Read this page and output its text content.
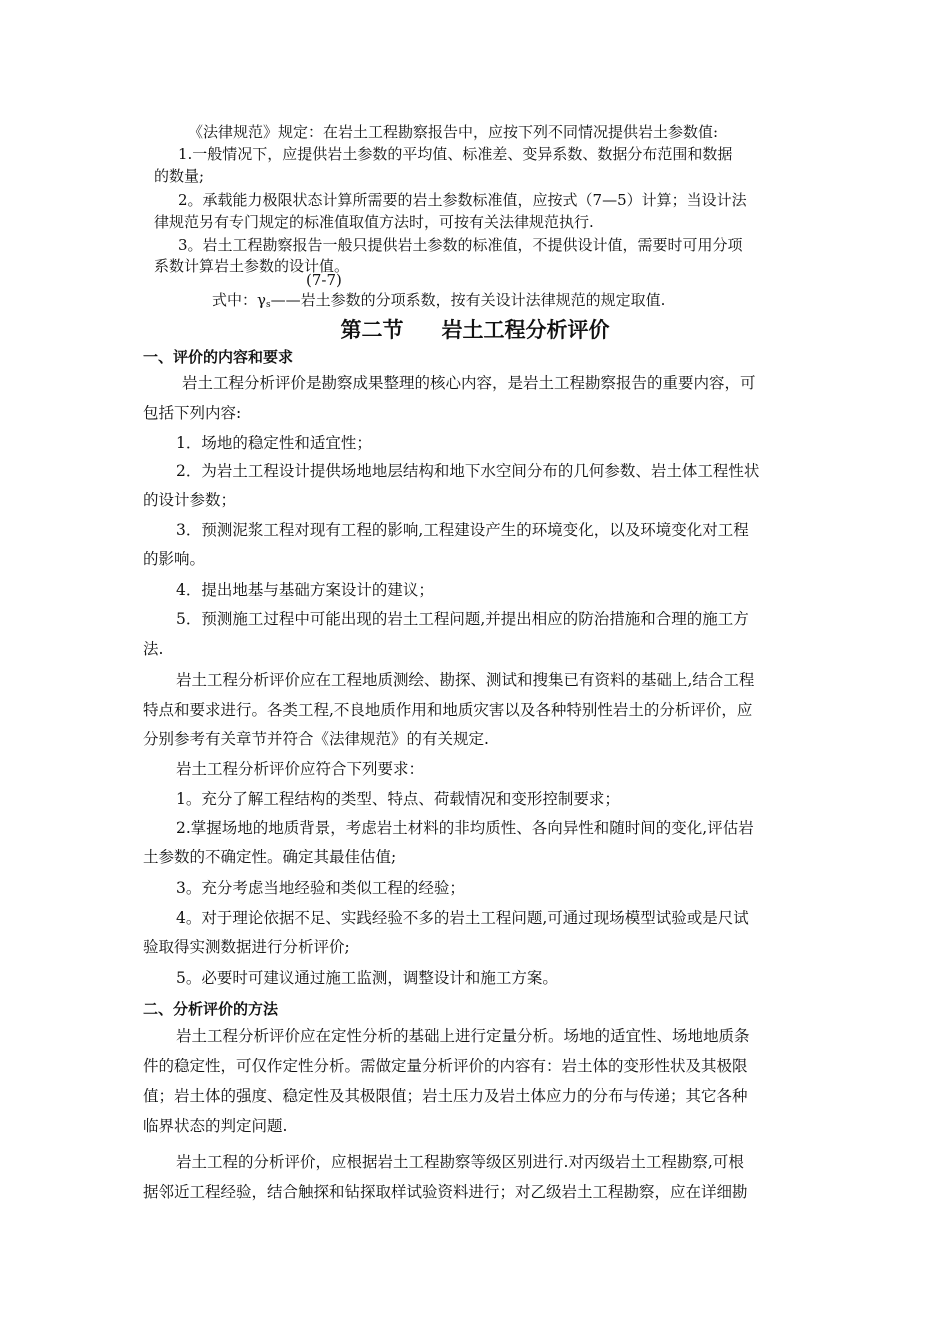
《法律规范》规定：在岩土工程勘察报告中，应按下列不同情况提供岩土参数值:
1.一般情况下，应提供岩土参数的平均值、标准差、变异系数、数据分布范围和数据
的数量;
2。承载能力极限状态计算所需要的岩土参数标准值，应按式（7—5）计算；当设计法
律规范另有专门规定的标准值取值方法时，可按有关法律规范执行.
3。岩土工程勘察报告一般只提供岩土参数的标准值，不提供设计值，需要时可用分项
系数计算岩土参数的设计值。
(7-7)
式中：$\gamma_s——$岩土参数的分项系数，按有关设计法律规范的规定取值.
第二节 岩土工程分析评价
一、评价的内容和要求
岩土工程分析评价是勘察成果整理的核心内容，是岩土工程勘察报告的重要内容，可
包括下列内容:
1．场地的稳定性和适宜性；
2．为岩土工程设计提供场地地层结构和地下水空间分布的几何参数、岩土体工程性状
的设计参数；
3．预测泥浆工程对现有工程的影响,工程建设产生的环境变化，以及环境变化对工程
的影响。
4．提出地基与基础方案设计的建议；
5．预测施工过程中可能出现的岩土工程问题,并提出相应的防治措施和合理的施工方
法.
岩土工程分析评价应在工程地质测绘、勘探、测试和搜集已有资料的基础上,结合工程
特点和要求进行。各类工程,不良地质作用和地质灾害以及各种特别性岩土的分析评价，应
分别参考有关章节并符合《法律规范》的有关规定.
岩土工程分析评价应符合下列要求：
1。充分了解工程结构的类型、特点、荷载情况和变形控制要求；
2.掌握场地的地质背景，考虑岩土材料的非均质性、各向异性和随时间的变化,评估岩
土参数的不确定性。确定其最佳估值;
3。充分考虑当地经验和类似工程的经验；
4。对于理论依据不足、实践经验不多的岩土工程问题,可通过现场模型试验或是尺试
验取得实测数据进行分析评价;
5。必要时可建议通过施工监测，调整设计和施工方案。
二、分析评价的方法
岩土工程分析评价应在定性分析的基础上进行定量分析。场地的适宜性、场地地质条
件的稳定性，可仅作定性分析。需做定量分析评价的内容有：岩土体的变形性状及其极限
值；岩土体的强度、稳定性及其极限值；岩土压力及岩土体应力的分布与传递；其它各种
临界状态的判定问题.
岩土工程的分析评价，应根据岩土工程勘察等级区别进行.对丙级岩土工程勘察,可根
据邻近工程经验，结合触探和钻探取样试验资料进行；对乙级岩土工程勘察，应在详细勘
